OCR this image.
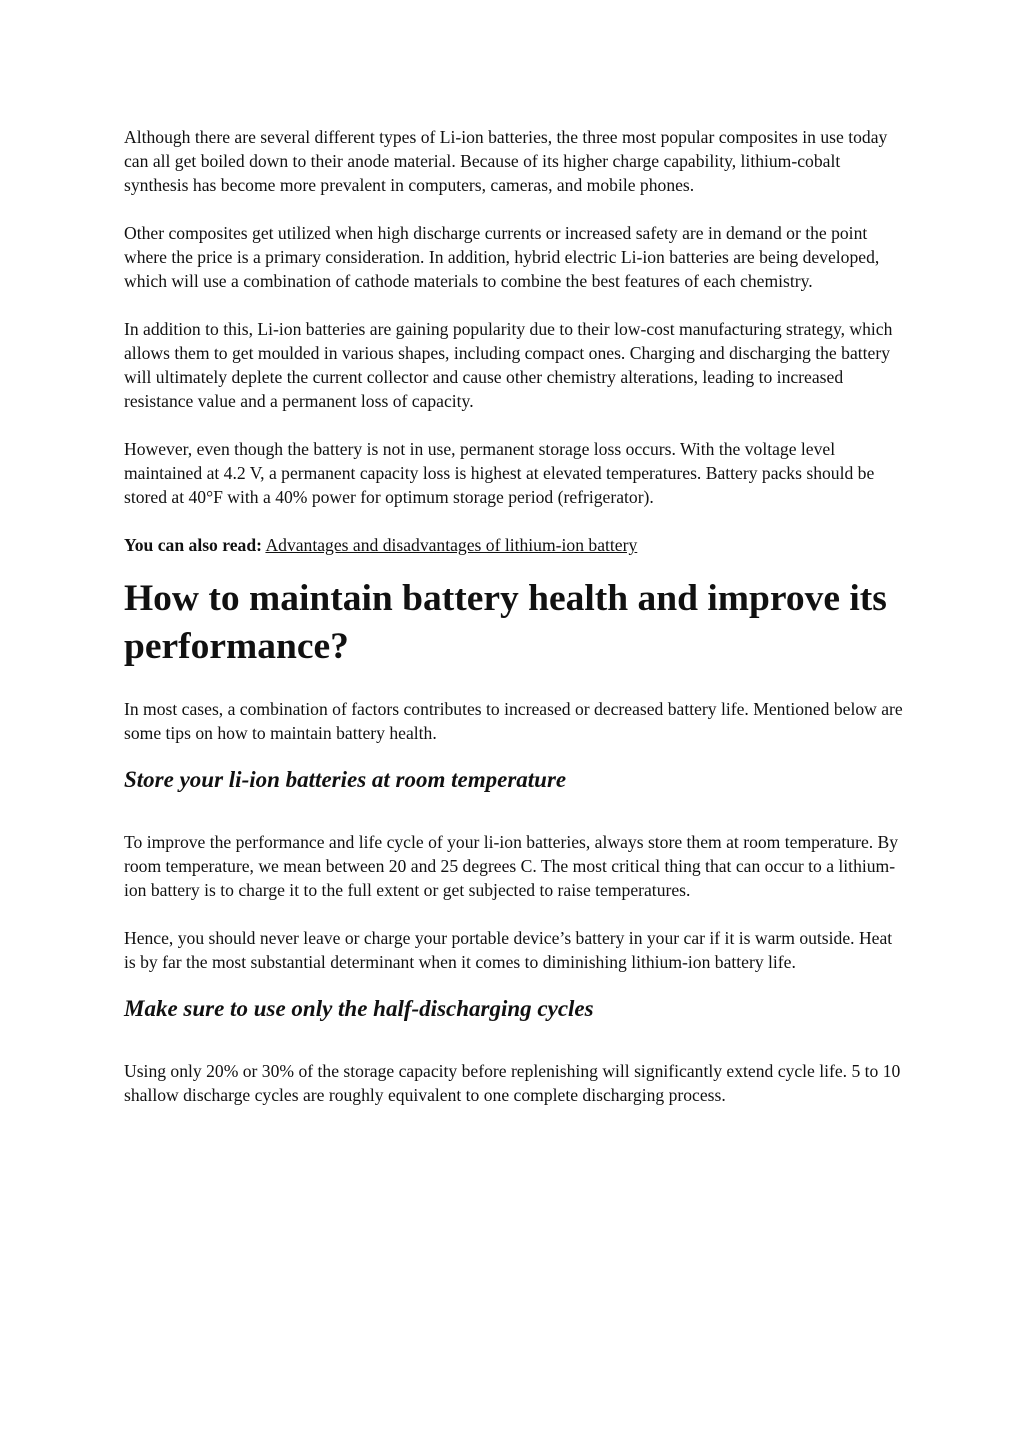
Although there are several different types of Li-ion batteries, the three most popular composites in use today can all get boiled down to their anode material. Because of its higher charge capability, lithium-cobalt synthesis has become more prevalent in computers, cameras, and mobile phones.

Other composites get utilized when high discharge currents or increased safety are in demand or the point where the price is a primary consideration. In addition, hybrid electric Li-ion batteries are being developed, which will use a combination of cathode materials to combine the best features of each chemistry.

In addition to this, Li-ion batteries are gaining popularity due to their low-cost manufacturing strategy, which allows them to get moulded in various shapes, including compact ones. Charging and discharging the battery will ultimately deplete the current collector and cause other chemistry alterations, leading to increased resistance value and a permanent loss of capacity.

However, even though the battery is not in use, permanent storage loss occurs. With the voltage level maintained at 4.2 V, a permanent capacity loss is highest at elevated temperatures. Battery packs should be stored at 40°F with a 40% power for optimum storage period (refrigerator).

You can also read: Advantages and disadvantages of lithium-ion battery

How to maintain battery health and improve its performance?

In most cases, a combination of factors contributes to increased or decreased battery life. Mentioned below are some tips on how to maintain battery health.

Store your li-ion batteries at room temperature

To improve the performance and life cycle of your li-ion batteries, always store them at room temperature. By room temperature, we mean between 20 and 25 degrees C. The most critical thing that can occur to a lithium-ion battery is to charge it to the full extent or get subjected to raise temperatures.

Hence, you should never leave or charge your portable device’s battery in your car if it is warm outside. Heat is by far the most substantial determinant when it comes to diminishing lithium-ion battery life.

Make sure to use only the half-discharging cycles

Using only 20% or 30% of the storage capacity before replenishing will significantly extend cycle life. 5 to 10 shallow discharge cycles are roughly equivalent to one complete discharging process.
